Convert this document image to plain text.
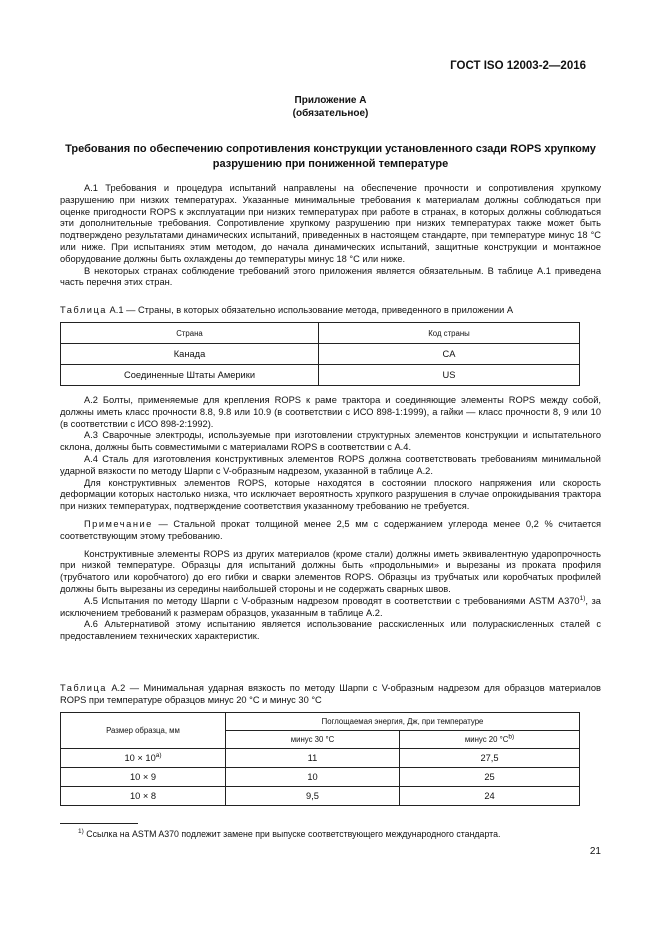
ГОСТ ISO 12003-2—2016
Приложение А
(обязательное)
Требования по обеспечению сопротивления конструкции установленного сзади ROPS хрупкому разрушению при пониженной температуре

А.1 Требования и процедура испытаний направлены на обеспечение прочности и сопротивления хрупкому разрушению при низких температурах. Указанные минимальные требования к материалам должны соблюдаться при оценке пригодности ROPS к эксплуатации при низких температурах при работе в странах, в которых должны соблюдаться эти дополнительные требования. Сопротивление хрупкому разрушению при низких температурах также может быть подтверждено результатами динамических испытаний, приведенных в настоящем стандарте, при температуре минус 18 °С или ниже. При испытаниях этим методом, до начала динамических испытаний, защитные конструкции и монтажное оборудование должны быть охлаждены до температуры минус 18 °С или ниже.

В некоторых странах соблюдение требований этого приложения является обязательным. В таблице А.1 приведена часть перечня этих стран.

Таблица А.1 — Страны, в которых обязательно использование метода, приведенного в приложении А
Страна	Код страны
Канада	CA
Соединенные Штаты Америки	US

А.2 Болты, применяемые для крепления ROPS к раме трактора и соединяющие элементы ROPS между собой, должны иметь класс прочности 8.8, 9.8 или 10.9 (в соответствии с ИСО 898-1:1999), а гайки — класс прочности 8, 9 или 10 (в соответствии с ИСО 898-2:1992).

А.3 Сварочные электроды, используемые при изготовлении структурных элементов конструкции и испытательного склона, должны быть совместимыми с материалами ROPS в соответствии с А.4.

А.4 Сталь для изготовления конструктивных элементов ROPS должна соответствовать требованиям минимальной ударной вязкости по методу Шарпи с V-образным надрезом, указанной в таблице А.2.

Для конструктивных элементов ROPS, которые находятся в состоянии плоского напряжения или скорость деформации которых настолько низка, что исключает вероятность хрупкого разрушения в случае опрокидывания трактора при низких температурах, подтверждение соответствия указанному требованию не требуется.

Примечание — Стальной прокат толщиной менее 2,5 мм с содержанием углерода менее 0,2 % считается соответствующим этому требованию.

Конструктивные элементы ROPS из других материалов (кроме стали) должны иметь эквивалентную ударопрочность при низкой температуре. Образцы для испытаний должны быть «продольными» и вырезаны из проката профиля (трубчатого или коробчатого) до его гибки и сварки элементов ROPS. Образцы из трубчатых или коробчатых профилей должны быть вырезаны из середины наибольшей стороны и не содержать сварных швов.

А.5 Испытания по методу Шарпи с V-образным надрезом проводят в соответствии с требованиями ASTM A370$^{1)}$, за исключением требований к размерам образцов, указанным в таблице А.2.

А.6 Альтернативой этому испытанию является использование расскисленных или полураскисленных сталей с предоставлением технических характеристик.

Таблица А.2 — Минимальная ударная вязкость по методу Шарпи с V-образным надрезом для образцов материалов ROPS при температуре образцов минус 20 °С и минус 30 °С
Размер образца, мм	Поглощаемая энергия, Дж, при температуре	
	минус 30 °С	минус 20 $^\circ С^{b)}$
$10 \times 10^{a)}$	11	27,5
10 × 9	10	25
10 × 8	9,5	24
$^{1)}$ Ссылка на ASTM A370 подлежит замене при выпуске соответствующего международного стандарта.
21
